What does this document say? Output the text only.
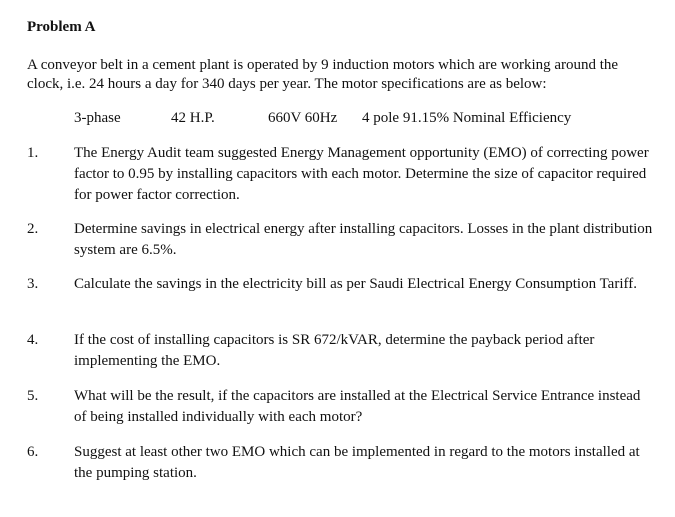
Problem A
A conveyor belt in a cement plant is operated by 9 induction motors which are working around the clock, i.e. 24 hours a day for 340 days per year. The motor specifications are as below:
3-phase	42 H.P.	660V 60Hz 4 pole 91.15% Nominal Efficiency
1. The Energy Audit team suggested Energy Management opportunity (EMO) of correcting power factor to 0.95 by installing capacitors with each motor. Determine the size of capacitor required for power factor correction.
2. Determine savings in electrical energy after installing capacitors. Losses in the plant distribution system are 6.5%.
3. Calculate the savings in the electricity bill as per Saudi Electrical Energy Consumption Tariff.
4. If the cost of installing capacitors is SR 672/kVAR, determine the payback period after implementing the EMO.
5. What will be the result, if the capacitors are installed at the Electrical Service Entrance instead of being installed individually with each motor?
6. Suggest at least other two EMO which can be implemented in regard to the motors installed at the pumping station.
